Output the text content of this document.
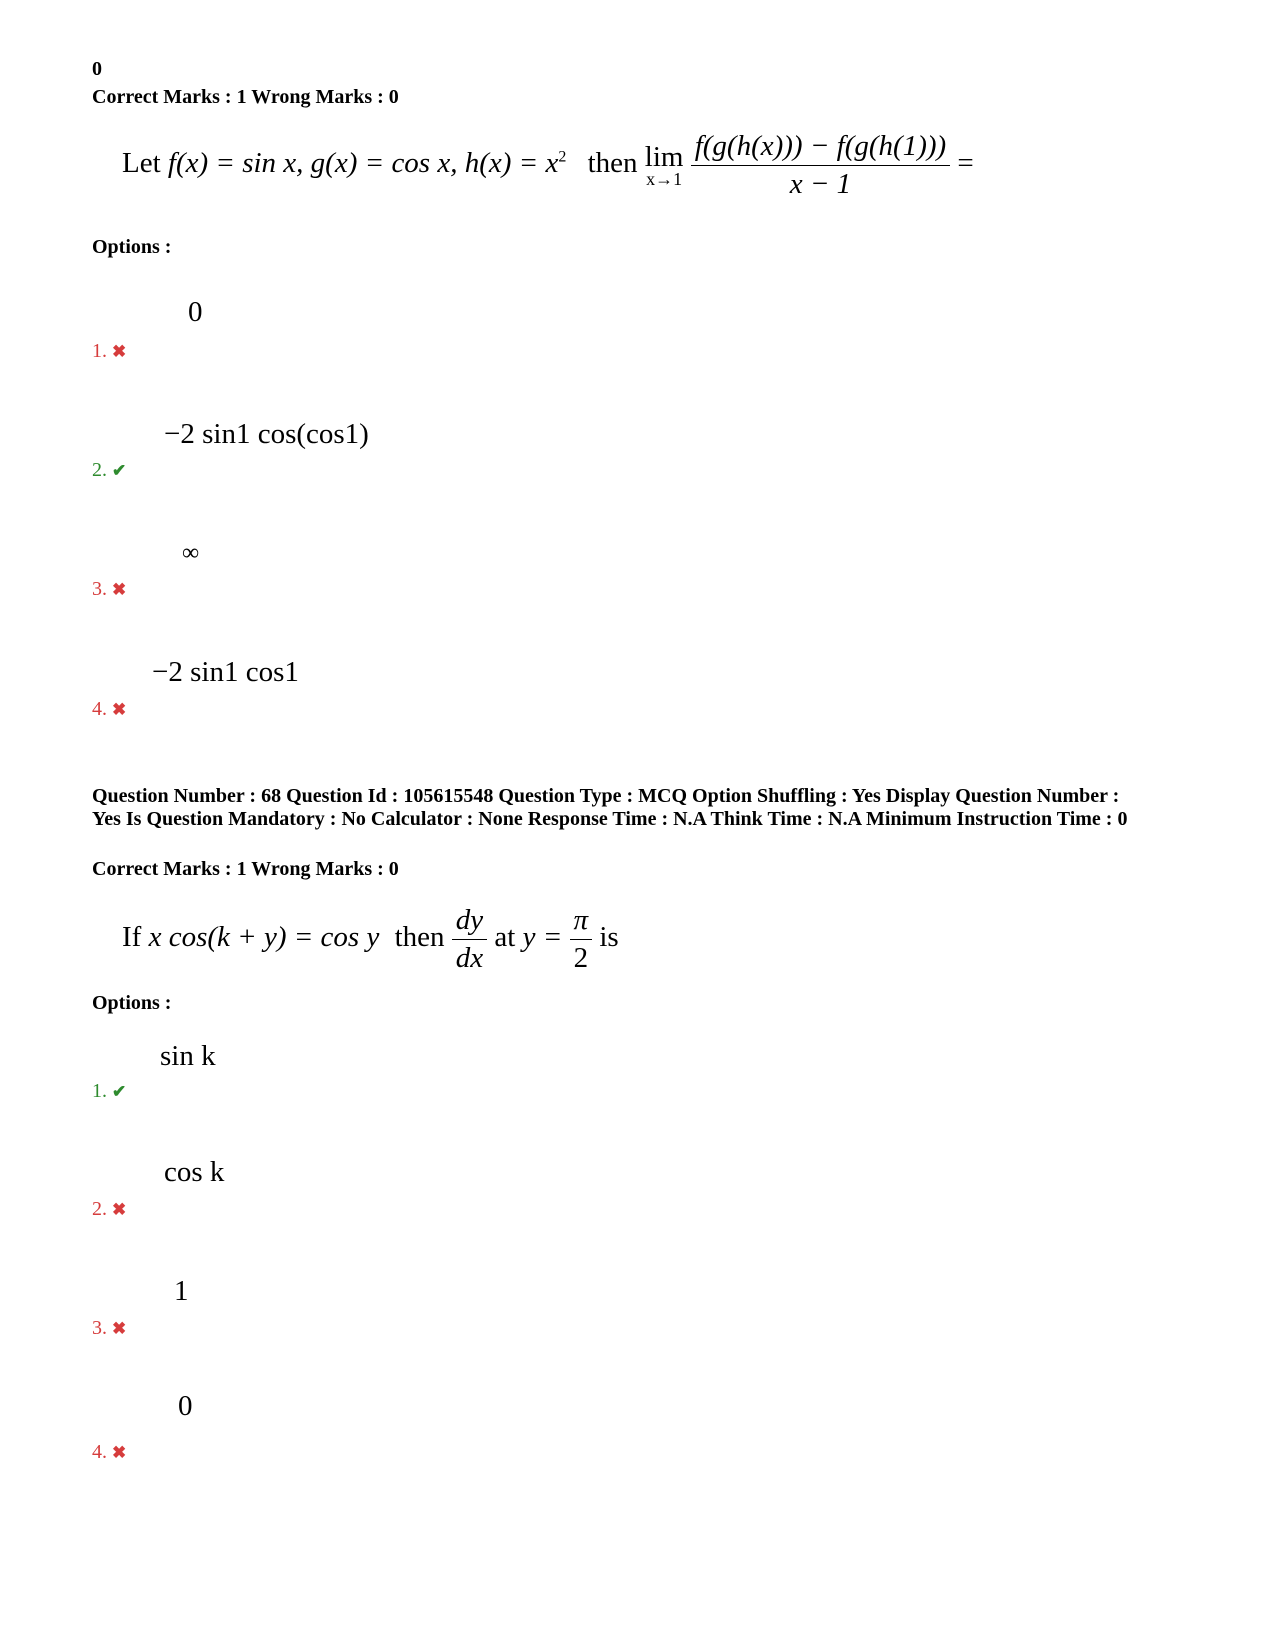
0
Correct Marks : 1 Wrong Marks : 0
Let f(x) = sin x, g(x) = cos x, $h(x) = x^2$ then lim
x→1
$\frac{f(g(h(x))) - f(g(h(1)))}{x - 1}$ =
Options :
0
1. ✖
−2 sin1 cos(cos1)
2. ✔
∞
3. ✖
−2 sin1 cos1
4. ✖
Question Number : 68 Question Id : 105615548 Question Type : MCQ Option Shuffling : Yes Display Question Number : Yes Is Question Mandatory : No Calculator : None Response Time : N.A Think Time : N.A Minimum Instruction Time : 0
Correct Marks : 1 Wrong Marks : 0
If x cos(k + y) = cos y then $\frac{dy}{dx}$ at $y = \frac{\pi}{2}$ is
Options :
sin k
1. ✔
cos k
2. ✖
1
3. ✖
0
4. ✖
